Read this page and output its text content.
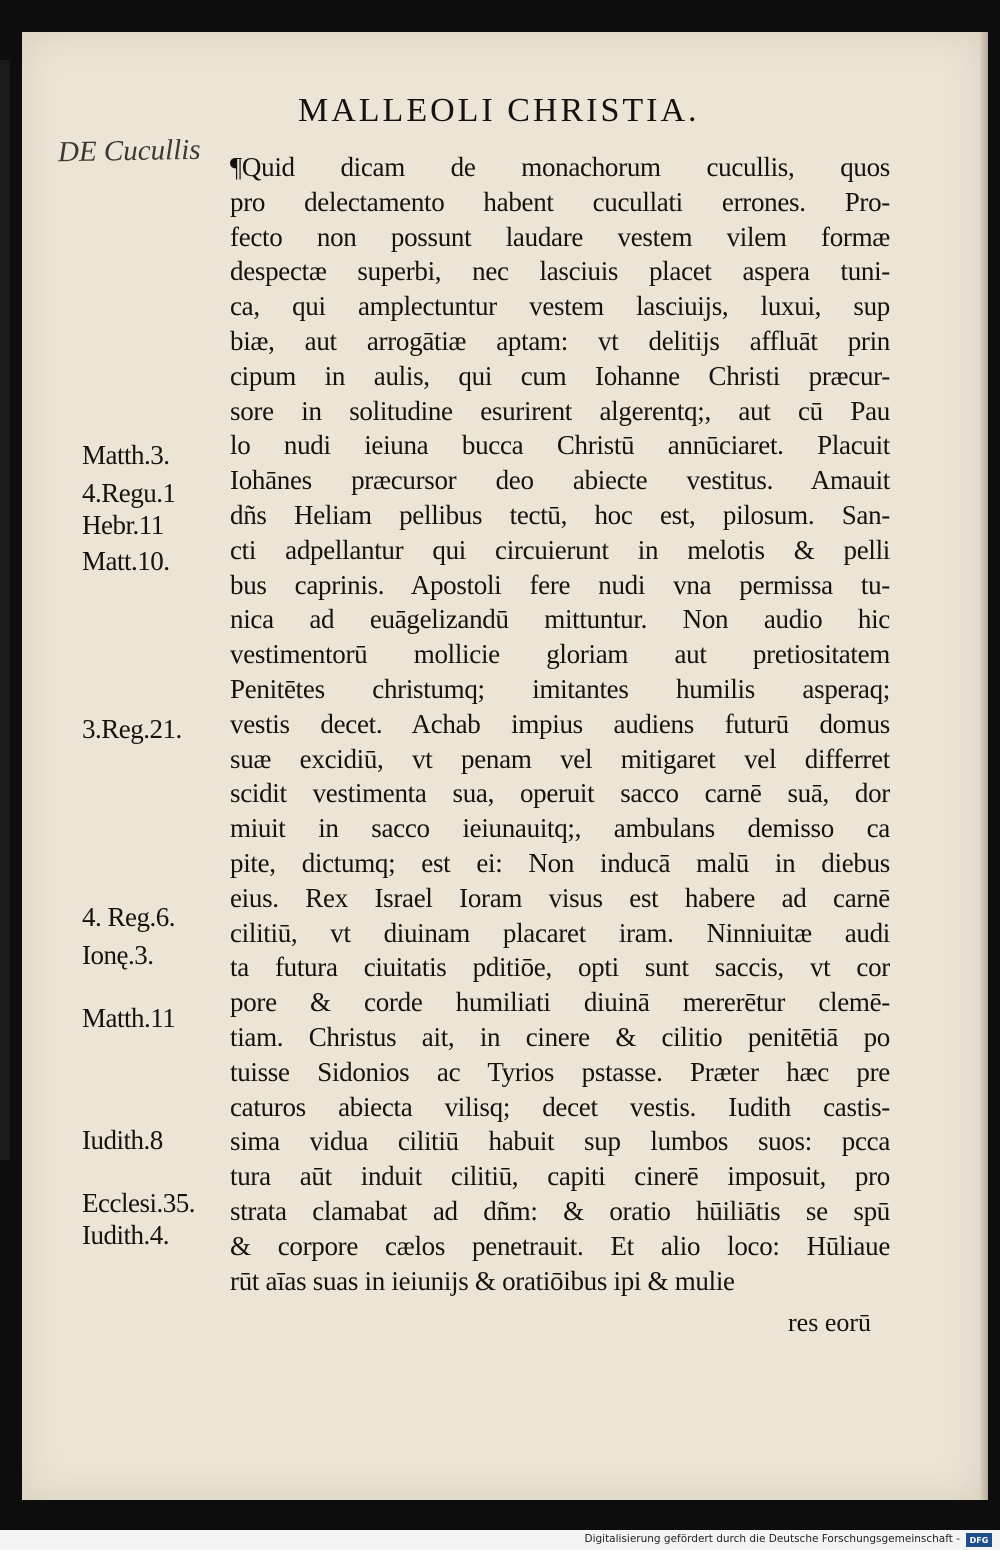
MALLEOLI CHRISTIA.
DE Cucullis ¶Quid dicam de monachorum cucullis, quos
pro delectamento habent cucullati errones. Pro-
fecto non possunt laudare vestem vilem formæ
despectæ superbi, nec lasciuis placet aspera tuni-
ca, qui amplectuntur vestem lasciuijs, luxui, sup
biæ, aut arrogātiæ aptam: vt delitijs affluāt prin
cipum in aulis, qui cum Iohanne Christi præcur-
sore in solitudine esurirent algerentq;, aut cū Pau
lo nudi ieiuna bucca Christū annūciaret. Placuit
Iohānes præcursor deo abiecte vestitus. Amauit
dñs Heliam pellibus tectū, hoc est, pilosum. San-
cti adpellantur qui circuierunt in melotis & pelli
bus caprinis. Apostoli fere nudi vna permissa tu-
nica ad euāgelizandū mittuntur. Non audio hic
vestimentorū mollicie gloriam aut pretiositatem
Penitētes christumq; imitantes humilis asperaq;
vestis decet. Achab impius audiens futurū domus
suæ excidiū, vt penam vel mitigaret vel differret
scidit vestimenta sua, operuit sacco carnē suā, dor
miuit in sacco ieiunauitq;, ambulans demisso ca
pite, dictumq; est ei: Non inducā malū in diebus
eius. Rex Israel Ioram visus est habere ad carnē
cilitiū, vt diuinam placaret iram. Ninniuitæ audi
ta futura ciuitatis pditiōe, opti sunt saccis, vt cor
pore & corde humiliati diuinā mererētur clemē-
tiam. Christus ait, in cinere & cilitio penitētiā po
tuisse Sidonios ac Tyrios pstasse. Præter hæc pre
caturos abiecta vilisq; decet vestis. Iudith castis-
sima vidua cilitiū habuit sup lumbos suos: pcca
tura aūt induit cilitiū, capiti cinerē imposuit, pro
strata clamabat ad dñm: & oratio hūiliātis se spū
& corpore cælos penetrauit. Et alio loco: Hūliaue
rūt aīas suas in ieiunijs & oratiōibus ipi & mulie
Matth.3.
4.Regu.1
Hebr.11
Matt.10.
3.Reg.21.
4. Reg.6.
Ionę.3.
Matth.11
Iudith.8
Ecclesi.35.
Iudith.4.
res eorū
Digitalisierung gefördert durch die Deutsche Forschungsgemeinschaft -	DFG
